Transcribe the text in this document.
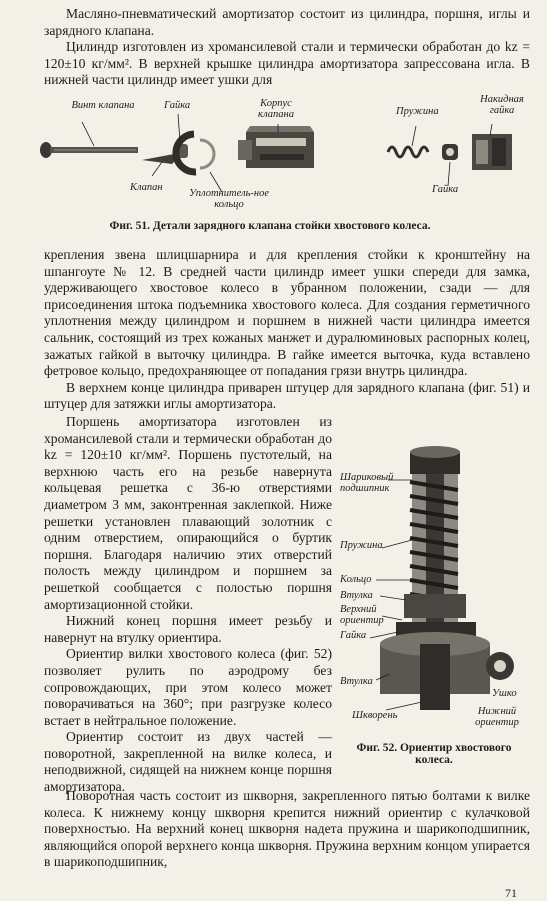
Масляно-пневматический амортизатор состоит из цилиндра, поршня, иглы и зарядного клапана.

Цилиндр изготовлен из хромансилевой стали и термически обработан до kz = 120±10 кг/мм². В верхней крышке цилиндра амортизатора запрессована игла. В нижней части цилиндр имеет ушки для

Винт клапана	Гайка	Корпус клапана	Пружина
Накидная гайка
Клапан
Уплотнитель-ное кольцо
Гайка
Фиг. 51. Детали зарядного клапана стойки хвостового колеса.

крепления звена шлицшарнира и для крепления стойки к кронштейну на шпангоуте № 12. В средней части цилиндр имеет ушки спереди для замка, удерживающего хвостовое колесо в убранном положении, сзади — для присоединения штока подъемника хвостового колеса. Для создания герметичного уплотнения между цилиндром и поршнем в нижней части цилиндра имеется сальник, состоящий из трех кожаных манжет и дуралюминовых распорных колец, зажатых гайкой в выточку цилиндра. В гайке имеется выточка, куда вставлено фетровое кольцо, предохраняющее от попадания грязи внутрь цилиндра.

В верхнем конце цилиндра приварен штуцер для зарядного клапана (фиг. 51) и штуцер для затяжки иглы амортизатора.

Поршень амортизатора изготовлен из хромансилевой стали и термически обработан до kz = 120±10 кг/мм². Поршень пустотелый, на верхнюю часть его на резьбе навернута кольцевая решетка с 36-ю отверстиями диаметром 3 мм, законтренная заклепкой. Ниже решетки установлен плавающий золотник с одним отверстием, опирающийся о буртик поршня. Благодаря наличию этих отверстий полость между цилиндром и поршнем за решеткой сообщается с полостью поршня амортизационной стойки.

Нижний конец поршня имеет резьбу и навернут на втулку ориентира.

Ориентир вилки хвостового колеса (фиг. 52) позволяет рулить по аэродрому без сопровождающих, при этом колесо может поворачиваться на 360°; при разгрузке колесо встает в нейтральное положение.

Ориентир состоит из двух частей — поворотной, закрепленной на вилке колеса, и неподвижной, сидящей на нижнем конце поршня амортизатора.

Шариковый подшипник
Пружина
Кольцо
Втулка
Верхний ориентир
Гайка
Втулка
Шкворень
Ушко
Нижний ориентир
Фиг. 52. Ориентир хвостового колеса.

Поворотная часть состоит из шкворня, закрепленного пятью болтами к вилке колеса. К нижнему концу шкворня крепится нижний ориентир с кулачковой поверхностью. На верхний конец шкворня надета пружина и шарикоподшипник, являющийся опорой верхнего конца шкворня. Пружина верхним концом упирается в шарикоподшипник,

71
